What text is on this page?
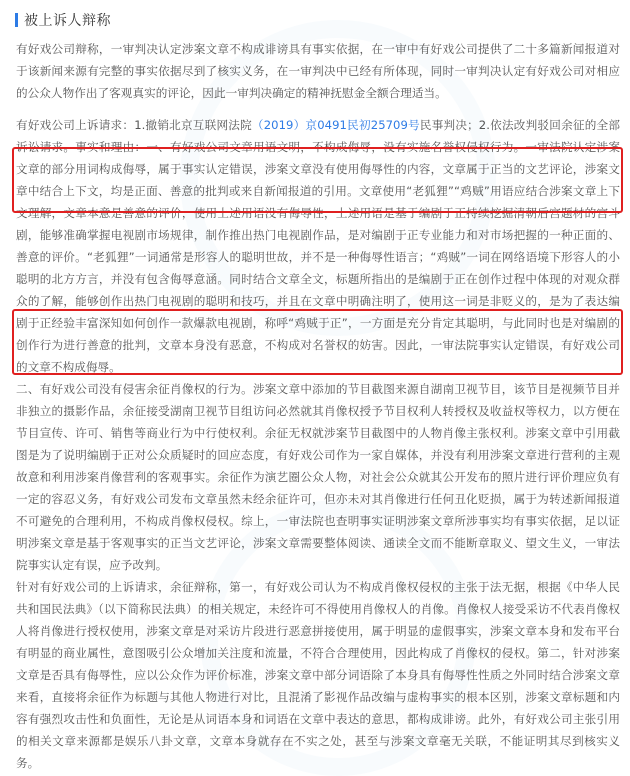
被上诉人辩称

有好戏公司辩称，一审判决认定涉案文章不构成诽谤具有事实依据，在一审中有好戏公司提供了二十多篇新闻报道对于该新闻来源有完整的事实依据尽到了核实义务，在一审判决中已经有所体现，同时一审判决认定有好戏公司对相应的公众人物作出了客观真实的评论，因此一审判决确定的精神抚慰金全额合理适当。

有好戏公司上诉请求：1.撤销北京互联网法院（2019）京0491民初25709号民事判决；2.依法改判驳回余征的全部诉讼请求。事实和理由：一、有好戏公司文章用语文明，不构成侮辱，没有实施名誉权侵权行为。一审法院认定涉案文章的部分用词构成侮辱，属于事实认定错误，涉案文章没有使用侮辱性的内容，文章属于正当的文艺评论，涉案文章中结合上下文，均是正面、善意的批判或来自新闻报道的引用。文章使用“老狐狸”“鸡贼”用语应结合涉案文章上下文理解，文章本意是善意的评价，使用上述用语没有侮辱性，上述用语是基于编剧于正持续挖掘清朝后宫题材的宫斗剧，能够准确掌握电视剧市场规律，制作推出热门电视剧作品，是对编剧于正专业能力和对市场把握的一种正面的、善意的评价。“老狐狸”一词通常是形容人的聪明世故，并不是一种侮辱性语言；“鸡贼”一词在网络语境下形容人的小聪明的北方方言，并没有包含侮辱意涵。同时结合文章全文，标题所指出的是编剧于正在创作过程中体现的对观众群众的了解，能够创作出热门电视剧的聪明和技巧，并且在文章中明确注明了，使用这一词是非贬义的，是为了表达编剧于正经验丰富深知如何创作一款爆款电视剧，称呼“鸡贼于正”，一方面是充分肯定其聪明，与此同时也是对编剧的创作行为进行善意的批判，文章本身没有恶意，不构成对名誉权的妨害。因此，一审法院事实认定错误，有好戏公司的文章不构成侮辱。

二、有好戏公司没有侵害余征肖像权的行为。涉案文章中添加的节目截图来源自湖南卫视节目，该节目是视频节目并非独立的摄影作品，余征接受湖南卫视节目组访问必然就其肖像权授予节目权利人转授权及收益权等权力，以方便在节目宣传、许可、销售等商业行为中行使权利。余征无权就涉案节目截图中的人物肖像主张权利。涉案文章中引用截图是为了说明编剧于正对公众质疑时的回应态度，有好戏公司作为一家自媒体，并没有利用涉案文章进行营利的主观故意和利用涉案肖像营利的客观事实。余征作为演艺圈公众人物，对社会公众就其公开发布的照片进行评价理应负有一定的容忍义务，有好戏公司发布文章虽然未经余征许可，但亦未对其肖像进行任何丑化贬损，属于为转述新闻报道不可避免的合理利用，不构成肖像权侵权。综上，一审法院也查明事实证明涉案文章所涉事实均有事实依据，足以证明涉案文章是基于客观事实的正当文艺评论，涉案文章需要整体阅读、通读全文而不能断章取义、望文生义，一审法院事实认定有误，应予改判。

针对有好戏公司的上诉请求，余征辩称，第一，有好戏公司认为不构成肖像权侵权的主张于法无据，根据《中华人民共和国民法典》（以下简称民法典）的相关规定，未经许可不得使用肖像权人的肖像。肖像权人接受采访不代表肖像权人将肖像进行授权使用，涉案文章是对采访片段进行恶意拼接使用，属于明显的虚假事实，涉案文章本身和发布平台有明显的商业属性，意图吸引公众增加关注度和流量，不符合合理使用，因此构成了肖像权的侵权。第二，针对涉案文章是否具有侮辱性，应以公众作为评价标准，涉案文章中部分词语除了本身具有侮辱性性质之外同时结合涉案文章来看，直接将余征作为标题与其他人物进行对比，且混淆了影视作品改编与虚构事实的根本区别，涉案文章标题和内容有强烈攻击性和负面性，无论是从词语本身和词语在文章中表达的意思，都构成诽谤。此外，有好戏公司主张引用的相关文章来源都是娱乐八卦文章，文章本身就存在不实之处，甚至与涉案文章毫无关联，不能证明其尽到核实义务。
